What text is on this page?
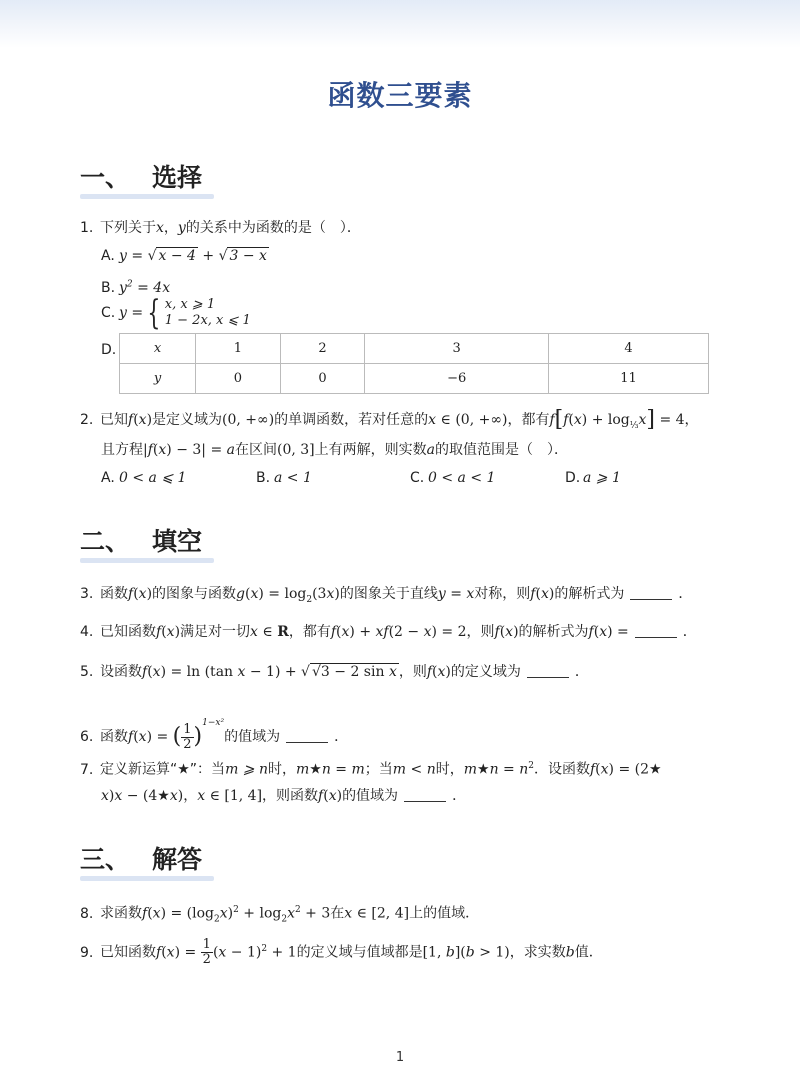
函数三要素
一、 选择
1. 下列关于x，y的关系中为函数的是（　）．
A. y = √ x − 4 + √ 3 − x
B. $y^2 = 4x$
C. y = { x, x ⩾ 1
1 − 2x, x ⩽ 1
D.	x	1	2	3	4
y	0	0	−6	11
2. 已知f(x)是定义域为(0, +∞)的单调函数，若对任意的x ∈ (0, +∞)，都有$f[f(x) + \log_{\frac{1}{3}}x] = 4$，
且方程|f(x) − 3| = a在区间(0, 3]上有两解，则实数a的取值范围是（　）．
A. 0 < a ⩽ 1	B. a < 1	C. 0 < a < 1	D. a ⩾ 1
二、 填空
3. 函数f(x)的图象与函数$g(x) = \log_2(3x)$的图象关于直线y = x对称，则f(x)的解析式为	．
4. 已知函数f(x)满足对一切x ∈ R，都有f(x) + xf(2 − x) = 2，则f(x)的解析式为f(x) =	．
5. 设函数f(x) = ln (tan x − 1) + √ √3 − 2 sin x ，则f(x)的定义域为	．
6. 函数f(x) = ( $\frac{1}{2} )^{1-x^2}$的值域为	．
7. 定义新运算“★”：当m ⩾ n时，m★n = m；当m < n时，m★n = $n^2$．设函数f(x) = (2★
x)x − (4★x)，x ∈ [1, 4]，则函数f(x)的值域为	．
三、 解答
8. 求函数$f(x) = (\log_2x)^2 + \log_2x^2 + 3$在x ∈ [2, 4]上的值域．
9. 已知函数$f(x) = \frac{1}{2} (x - 1)^2 + 1$的定义域与值域都是[1, b](b > 1)，求实数b值．
1
